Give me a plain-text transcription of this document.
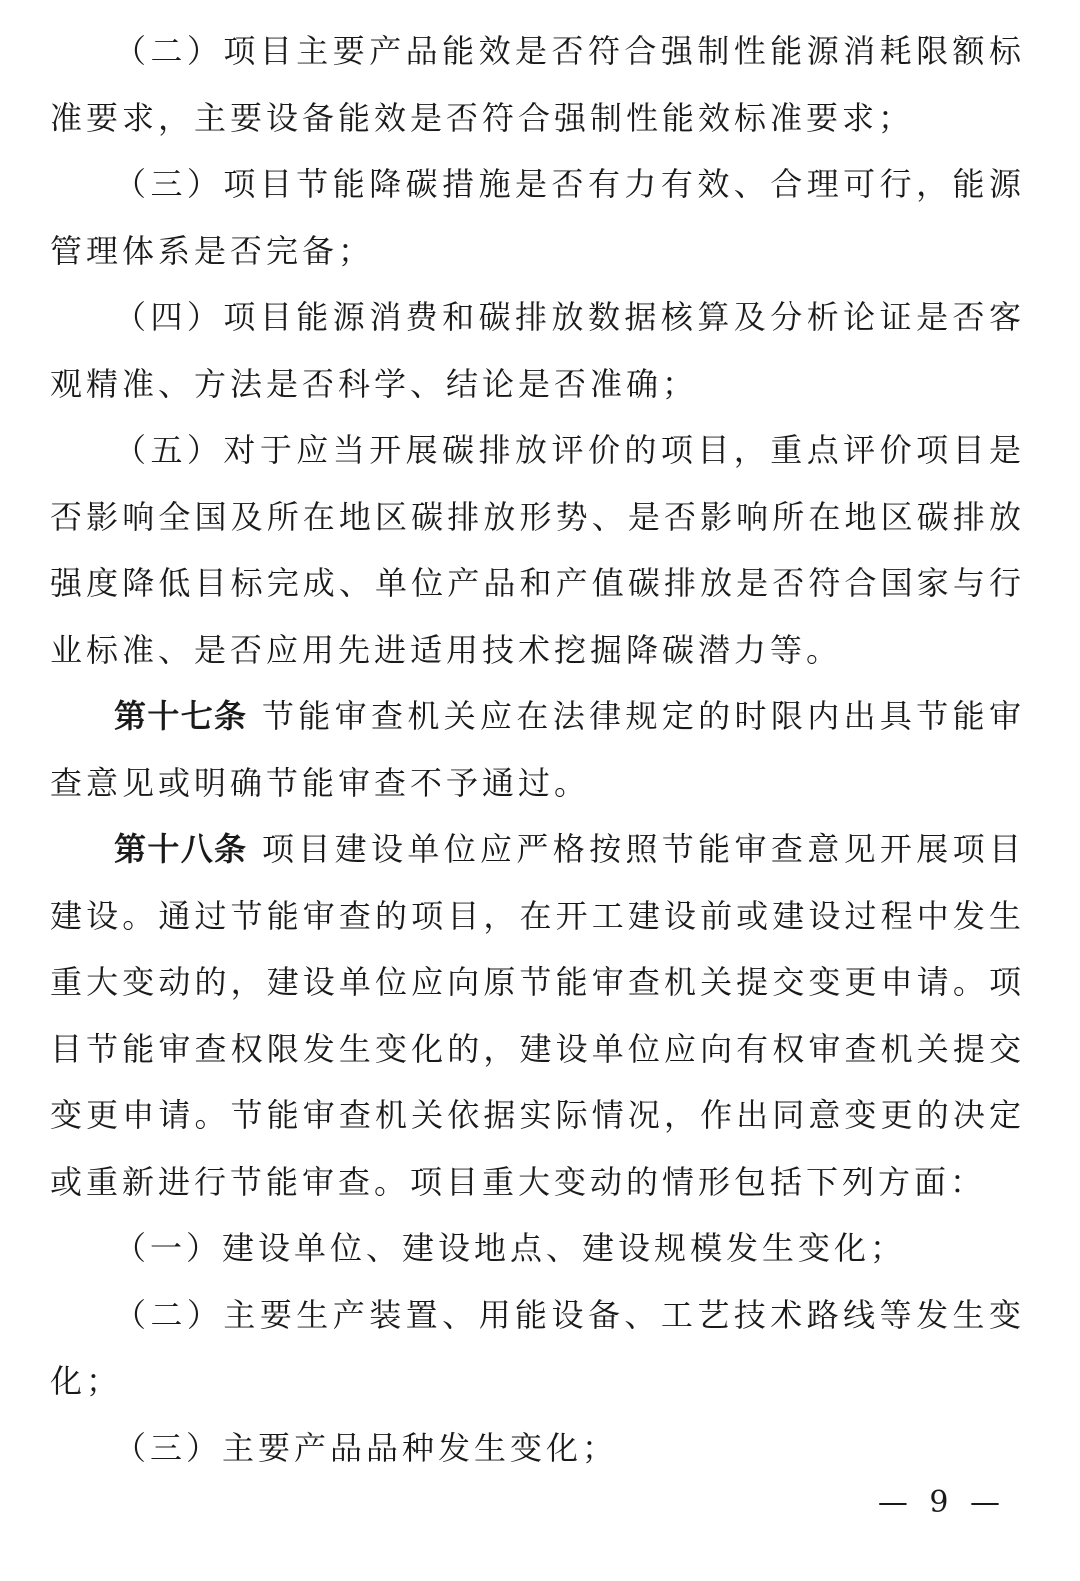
（二）项目主要产品能效是否符合强制性能源消耗限额标准要求，主要设备能效是否符合强制性能效标准要求；

（三）项目节能降碳措施是否有力有效、合理可行，能源管理体系是否完备；

（四）项目能源消费和碳排放数据核算及分析论证是否客观精准、方法是否科学、结论是否准确；

（五）对于应当开展碳排放评价的项目，重点评价项目是否影响全国及所在地区碳排放形势、是否影响所在地区碳排放强度降低目标完成、单位产品和产值碳排放是否符合国家与行业标准、是否应用先进适用技术挖掘降碳潜力等。

第十七条 节能审查机关应在法律规定的时限内出具节能审查意见或明确节能审查不予通过。

第十八条 项目建设单位应严格按照节能审查意见开展项目建设。通过节能审查的项目，在开工建设前或建设过程中发生重大变动的，建设单位应向原节能审查机关提交变更申请。项目节能审查权限发生变化的，建设单位应向有权审查机关提交变更申请。节能审查机关依据实际情况，作出同意变更的决定或重新进行节能审查。项目重大变动的情形包括下列方面：

（一）建设单位、建设地点、建设规模发生变化；

（二）主要生产装置、用能设备、工艺技术路线等发生变化；

（三）主要产品品种发生变化；

— 9 —
